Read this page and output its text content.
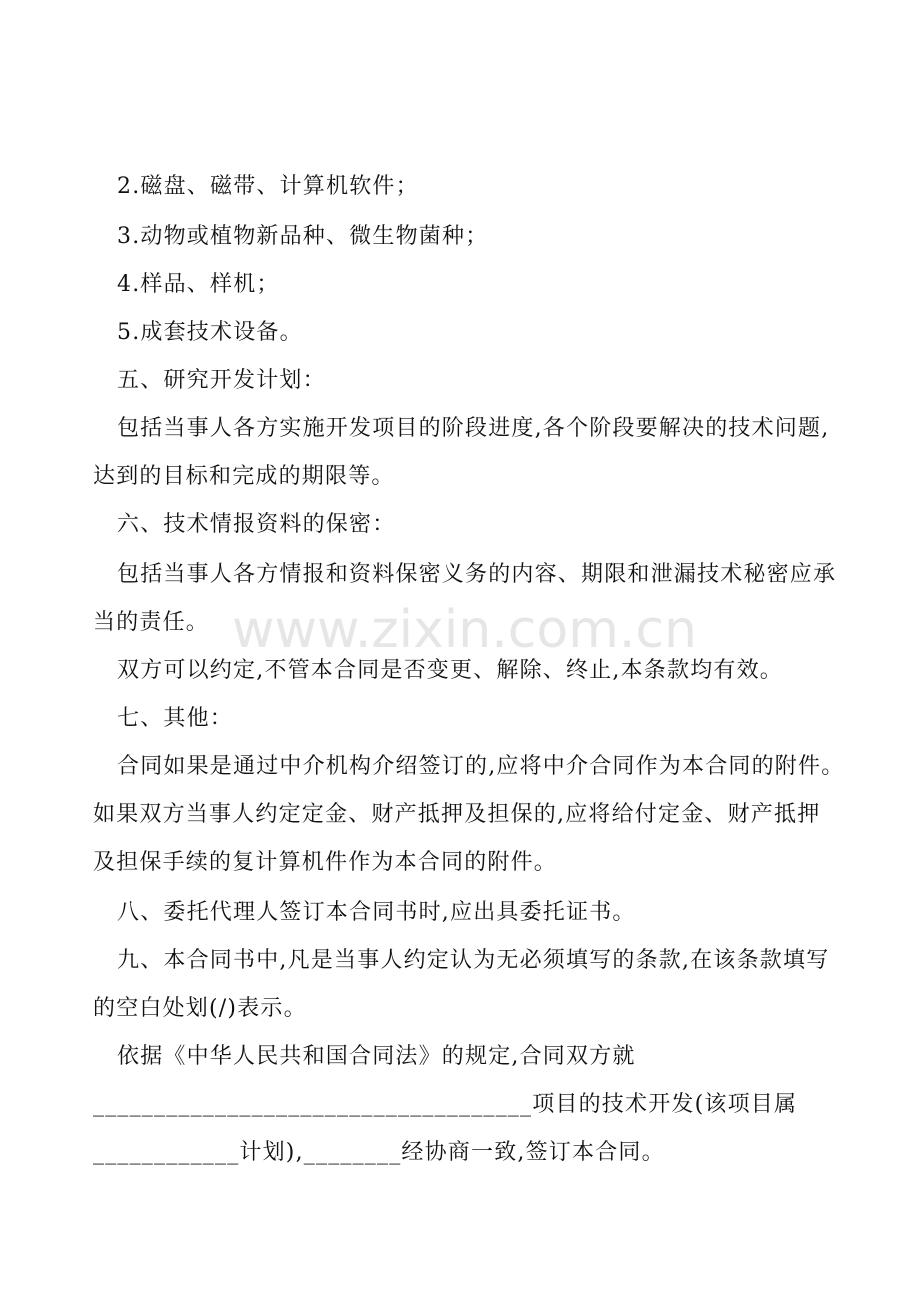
www.zixin.com.cn
2.磁盘、磁带、计算机软件；
3.动物或植物新品种、微生物菌种；
4.样品、样机；
5.成套技术设备。
五、研究开发计划：
包括当事人各方实施开发项目的阶段进度,各个阶段要解决的技术问题,
达到的目标和完成的期限等。
六、技术情报资料的保密：
包括当事人各方情报和资料保密义务的内容、期限和泄漏技术秘密应承
当的责任。
双方可以约定,不管本合同是否变更、解除、终止,本条款均有效。
七、其他：
合同如果是通过中介机构介绍签订的,应将中介合同作为本合同的附件。
如果双方当事人约定定金、财产抵押及担保的,应将给付定金、财产抵押
及担保手续的复计算机件作为本合同的附件。
八、委托代理人签订本合同书时,应出具委托证书。
九、本合同书中,凡是当事人约定认为无必须填写的条款,在该条款填写
的空白处划(/)表示。
依据《中华人民共和国合同法》的规定,合同双方就
____________________________________项目的技术开发(该项目属
____________计划),________经协商一致,签订本合同。
